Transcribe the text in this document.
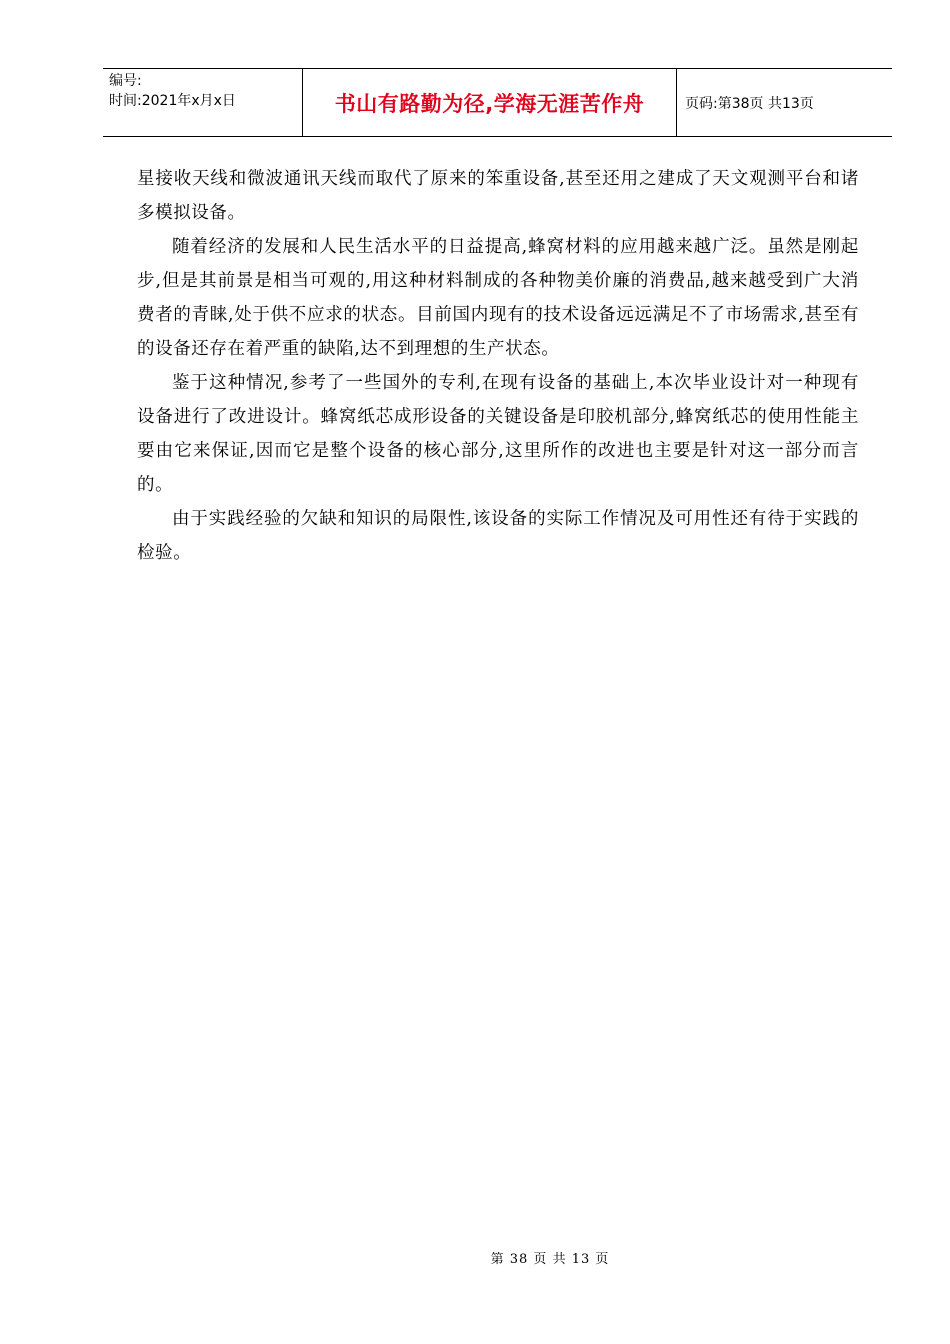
编号:
时间:2021年x月x日	书山有路勤为径,学海无涯苦作舟	页码:第38页 共13页

星接收天线和微波通讯天线而取代了原来的笨重设备,甚至还用之建成了天文观测平台和诸多模拟设备。

随着经济的发展和人民生活水平的日益提高,蜂窝材料的应用越来越广泛。虽然是刚起步,但是其前景是相当可观的,用这种材料制成的各种物美价廉的消费品,越来越受到广大消费者的青睐,处于供不应求的状态。目前国内现有的技术设备远远满足不了市场需求,甚至有的设备还存在着严重的缺陷,达不到理想的生产状态。

鉴于这种情况,参考了一些国外的专利,在现有设备的基础上,本次毕业设计对一种现有设备进行了改进设计。蜂窝纸芯成形设备的关键设备是印胶机部分,蜂窝纸芯的使用性能主要由它来保证,因而它是整个设备的核心部分,这里所作的改进也主要是针对这一部分而言的。

由于实践经验的欠缺和知识的局限性,该设备的实际工作情况及可用性还有待于实践的检验。

第 38 页 共 13 页
